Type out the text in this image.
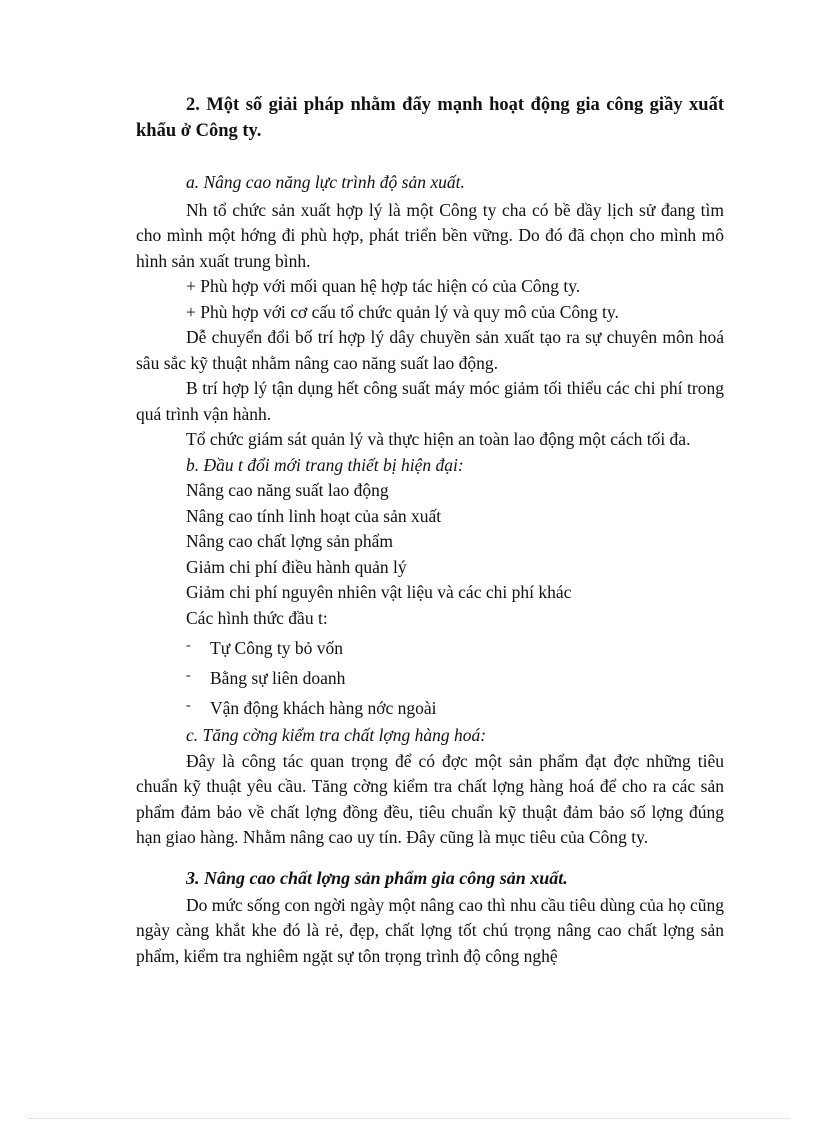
2. Một số giải pháp nhằm đẩy mạnh hoạt động gia công giầy xuất khẩu ở Công ty.

a. Nâng cao năng lực trình độ sản xuất.

Nh tổ chức sản xuất hợp lý là một Công ty cha có bề dầy lịch sử đang tìm cho mình một hớng đi phù hợp, phát triển bền vững. Do đó đã chọn cho mình mô hình sản xuất trung bình.

+ Phù hợp với mối quan hệ hợp tác hiện có của Công ty.

+ Phù hợp với cơ cấu tổ chức quản lý và quy mô của Công ty.

Dễ chuyển đổi bố trí hợp lý dây chuyền sản xuất tạo ra sự chuyên môn hoá sâu sắc kỹ thuật nhằm nâng cao năng suất lao động.

B trí hợp lý tận dụng hết công suất máy móc giảm tối thiểu các chi phí trong quá trình vận hành.

Tổ chức giám sát quản lý và thực hiện an toàn lao động một cách tối đa.

b. Đầu t đổi mới trang thiết bị hiện đại:

Nâng cao năng suất lao động

Nâng cao tính linh hoạt của sản xuất

Nâng cao chất lợng sản phẩm

Giảm chi phí điều hành quản lý

Giảm chi phí nguyên nhiên vật liệu và các chi phí khác

Các hình thức đầu t:

- Tự Công ty bỏ vốn

- Bằng sự liên doanh

- Vận động khách hàng nớc ngoài

c. Tăng cờng kiểm tra chất lợng hàng hoá:

Đây là công tác quan trọng để có đợc một sản phẩm đạt đợc những tiêu chuẩn kỹ thuật yêu cầu. Tăng cờng kiểm tra chất lợng hàng hoá để cho ra các sản phẩm đảm bảo về chất lợng đồng đều, tiêu chuẩn kỹ thuật đảm bảo số lợng đúng hạn giao hàng. Nhằm nâng cao uy tín. Đây cũng là mục tiêu của Công ty.

3. Nâng cao chất lợng sản phẩm gia công sản xuất.

Do mức sống con ngời ngày một nâng cao thì nhu cầu tiêu dùng của họ cũng ngày càng khắt khe đó là rẻ, đẹp, chất lợng tốt chú trọng nâng cao chất lợng sản phẩm, kiểm tra nghiêm ngặt sự tôn trọng trình độ công nghệ
